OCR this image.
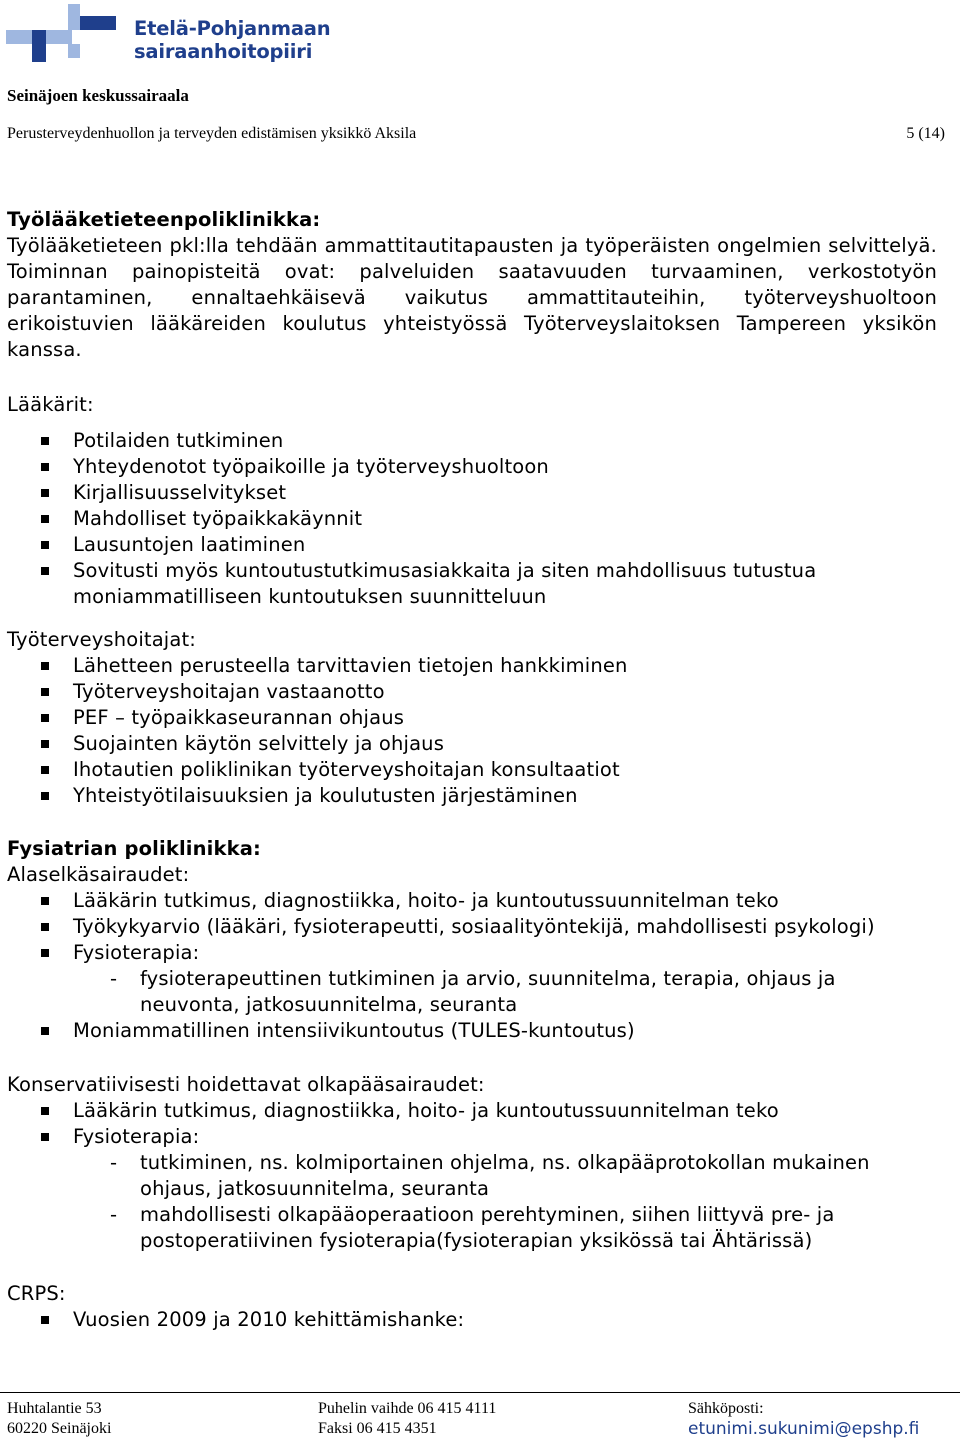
Etelä-Pohjanmaan
sairaanhoitopiiri
Seinäjoen keskussairaala
Perusterveydenhuollon ja terveyden edistämisen yksikkö Aksila	5 (14)
Työlääketieteenpoliklinikka:
Työlääketieteen pkl:lla tehdään ammattitautitapausten ja työperäisten ongelmien selvittelyä. Toiminnan painopisteitä ovat: palveluiden saatavuuden turvaaminen, verkostotyön parantaminen, ennaltaehkäisevä vaikutus ammattitauteihin, työterveyshuoltoon erikoistuvien lääkäreiden koulutus yhteistyössä Työterveyslaitoksen Tampereen yksikön kanssa.
Lääkärit:
Potilaiden tutkiminen
Yhteydenotot työpaikoille ja työterveyshuoltoon
Kirjallisuusselvitykset
Mahdolliset työpaikkakäynnit
Lausuntojen laatiminen
Sovitusti myös kuntoutustutkimusasiakkaita ja siten mahdollisuus tutustua moniammatilliseen kuntoutuksen suunnitteluun
Työterveyshoitajat:
Lähetteen perusteella tarvittavien tietojen hankkiminen
Työterveyshoitajan vastaanotto
PEF – työpaikkaseurannan ohjaus
Suojainten käytön selvittely ja ohjaus
Ihotautien poliklinikan työterveyshoitajan konsultaatiot
Yhteistyötilaisuuksien ja koulutusten järjestäminen
Fysiatrian poliklinikka:
Alaselkäsairaudet:
Lääkärin tutkimus, diagnostiikka, hoito- ja kuntoutussuunnitelman teko
Työkykyarvio (lääkäri, fysioterapeutti, sosiaalityöntekijä, mahdollisesti psykologi)
Fysioterapia:
- fysioterapeuttinen tutkiminen ja arvio, suunnitelma, terapia, ohjaus ja neuvonta, jatkosuunnitelma, seuranta
Moniammatillinen intensiivikuntoutus (TULES-kuntoutus)
Konservatiivisesti hoidettavat olkapääsairaudet:
Lääkärin tutkimus, diagnostiikka, hoito- ja kuntoutussuunnitelman teko
Fysioterapia:
- tutkiminen, ns. kolmiportainen ohjelma, ns. olkapääprotokollan mukainen ohjaus, jatkosuunnitelma, seuranta
- mahdollisesti olkapääoperaatioon perehtyminen, siihen liittyvä pre- ja postoperatiivinen fysioterapia(fysioterapian yksikössä tai Ähtärissä)
CRPS:
Vuosien 2009 ja 2010 kehittämishanke:
Huhtalantie 53
60220 Seinäjoki
Puhelin vaihde 06 415 4111
Faksi 06 415 4351
Sähköposti:
etunimi.sukunimi@epshp.fi
